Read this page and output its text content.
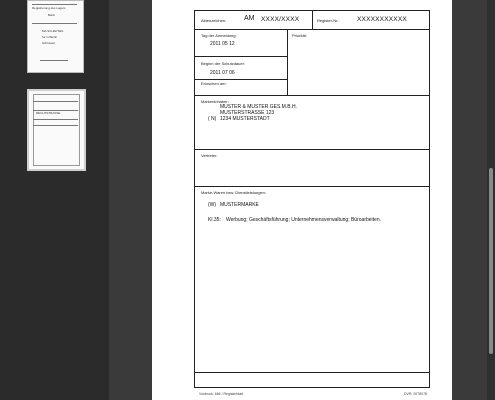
Registrierung des Lagers
Bank
MA SCHAFTEN
fur in Berlin
Schlussel
RECHTSTRASSE
Aktenzeichen:	AM XXXX/XXXX	Register-Nr.:	XXXXXXXXXXX
Tag der Anmeldung:
2011 05 12
Priorität:
Beginn der Schutzdauer:
2011 07 06
Erloschen am:
Markeninhaber:
MUSTER & MUSTER GES.M.B.H.
MUSTERSTRASSE 123
( N) 1234 MUSTERSTADT
Vertreter:
Marke-Waren bzw. Dienstleistungen:
(W) MUSTERMARKE
Kl.35: Werbung; Geschäftsführung; Unternehmensverwaltung; Büroarbeiten.
Vordruck: 666 / Registerblatt	DVR: 0078078
